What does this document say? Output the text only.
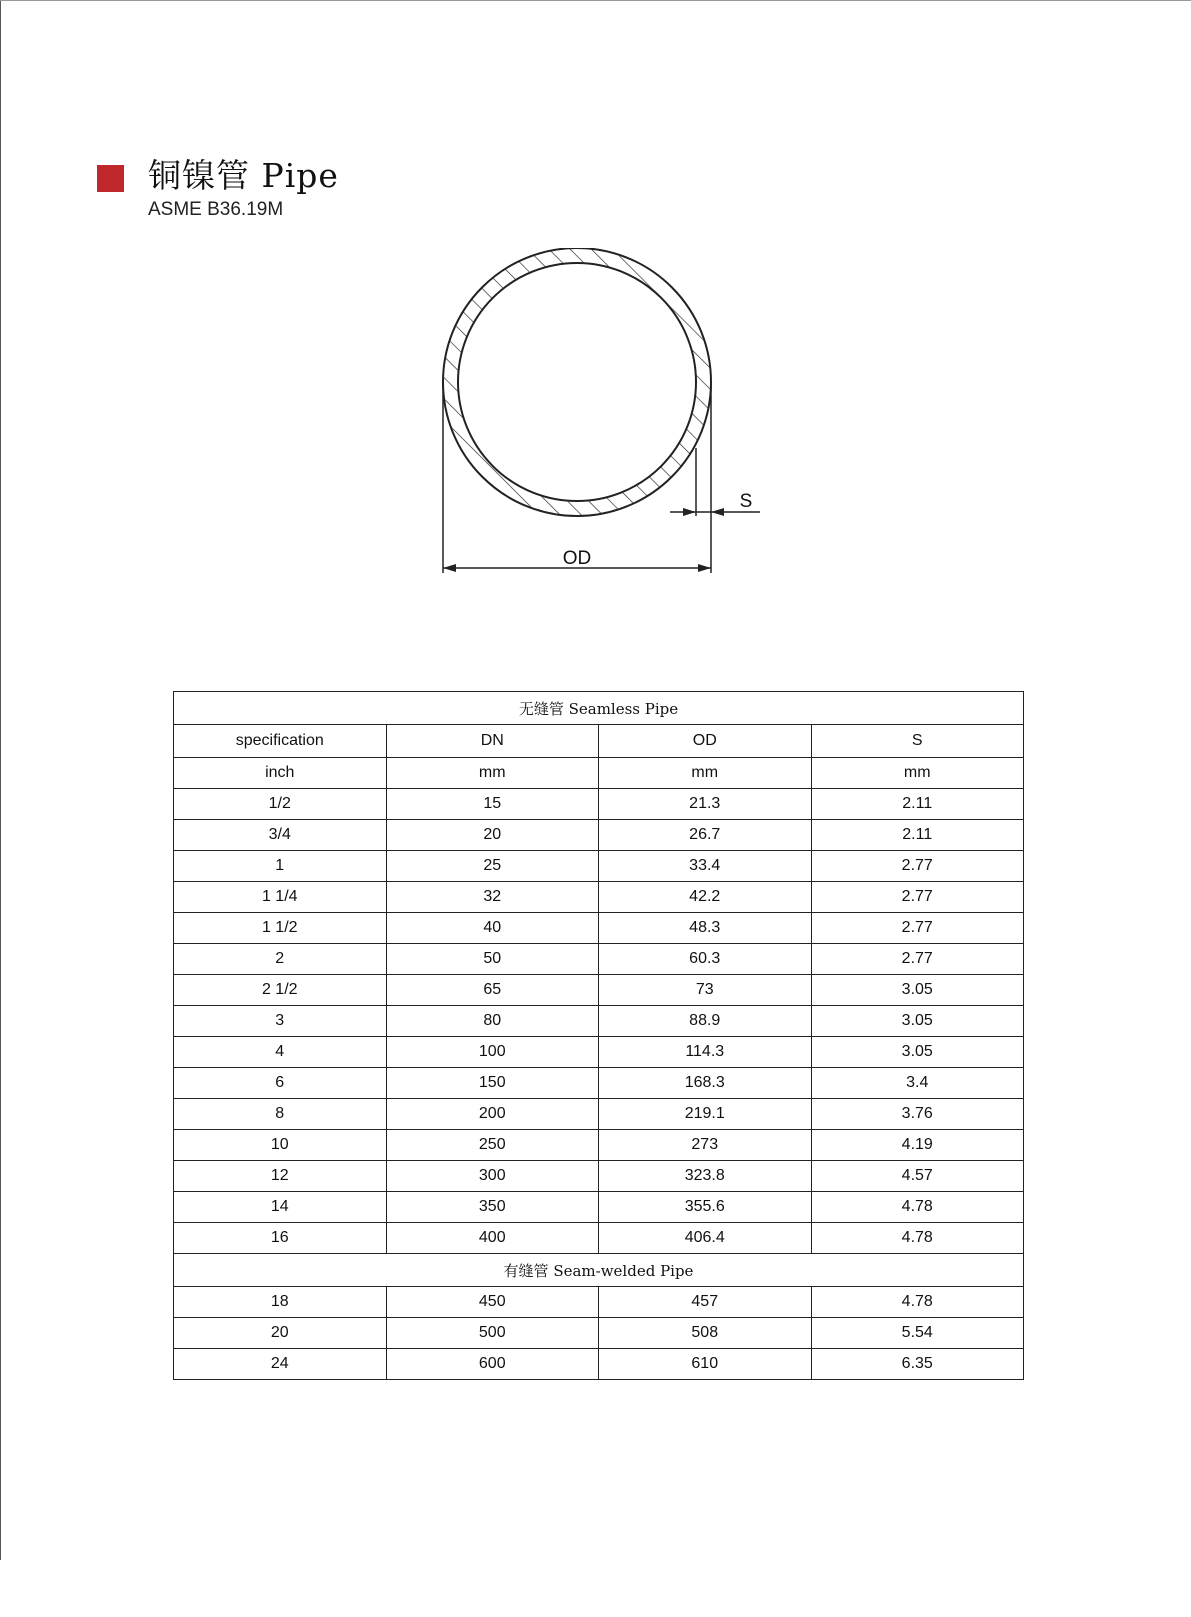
铜镍管 Pipe
ASME B36.19M
OD
S
无缝管 Seamless Pipe			
specification	DN	OD	S
inch	mm	mm	mm
1/2	15	21.3	2.11
3/4	20	26.7	2.11
1	25	33.4	2.77
1 1/4	32	42.2	2.77
1 1/2	40	48.3	2.77
2	50	60.3	2.77
2 1/2	65	73	3.05
3	80	88.9	3.05
4	100	114.3	3.05
6	150	168.3	3.4
8	200	219.1	3.76
10	250	273	4.19
12	300	323.8	4.57
14	350	355.6	4.78
16	400	406.4	4.78
有缝管 Seam-welded Pipe			
18	450	457	4.78
20	500	508	5.54
24	600	610	6.35
